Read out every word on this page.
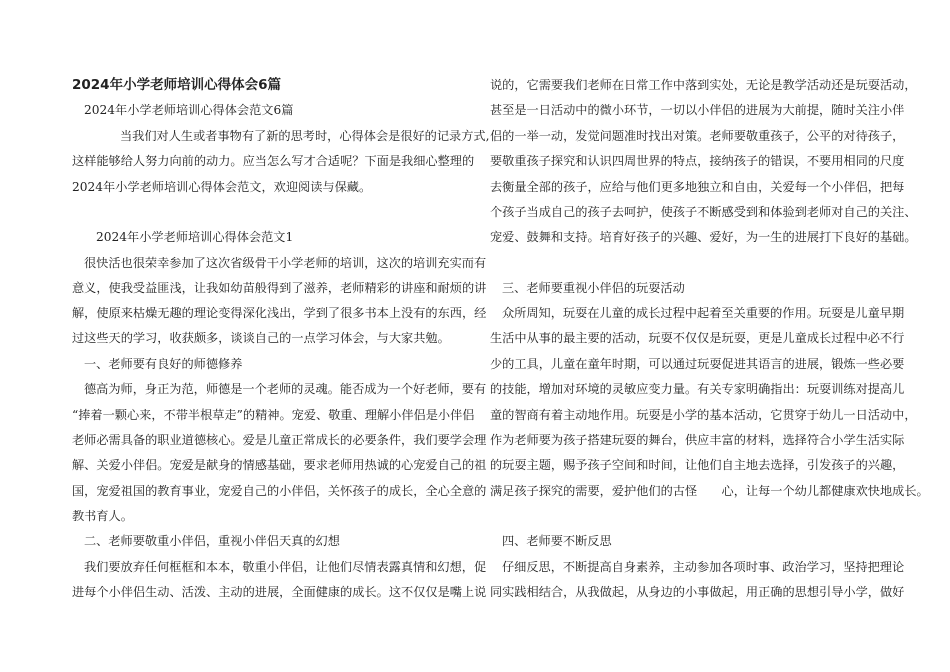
2024年小学老师培训心得体会6篇
2024年小学老师培训心得体会范文6篇
当我们对人生或者事物有了新的思考时，心得体会是很好的记录方式,
这样能够给人努力向前的动力。应当怎么写才合适呢？下面是我细心整理的
2024年小学老师培训心得体会范文，欢迎阅读与保藏。
2024年小学老师培训心得体会范文1
很快活也很荣幸参加了这次省级骨干小学老师的培训，这次的培训充实而有
意义，使我受益匪浅，让我如幼苗般得到了滋养，老师精彩的讲座和耐烦的讲
解，使原来枯燥无趣的理论变得深化浅出，学到了很多书本上没有的东西，经
过这些天的学习，收获颇多，谈谈自己的一点学习体会，与大家共勉。
一、老师要有良好的师德修养
德高为师，身正为范，师德是一个老师的灵魂。能否成为一个好老师，要有
“捧着一颗心来，不带半根草走”的精神。宠爱、敬重、理解小伴侣是小伴侣
老师必需具备的职业道德核心。爱是儿童正常成长的必要条件，我们要学会理
解、关爱小伴侣。宠爱是献身的情感基础，要求老师用热诚的心宠爱自己的祖
国，宠爱祖国的教育事业，宠爱自己的小伴侣，关怀孩子的成长，全心全意的
教书育人。
二、老师要敬重小伴侣，重视小伴侣天真的幻想
我们要放弃任何框框和本本，敬重小伴侣，让他们尽情表露真情和幻想，促
进每个小伴侣生动、活泼、主动的进展，全面健康的成长。这不仅仅是嘴上说
说的，它需要我们老师在日常工作中落到实处，无论是教学活动还是玩耍活动，
甚至是一日活动中的微小环节，一切以小伴侣的进展为大前提，随时关注小伴
侣的一举一动，发觉问题准时找出对策。老师要敬重孩子，公平的对待孩子，
要敬重孩子探究和认识四周世界的特点，接纳孩子的错误，不要用相同的尺度
去衡量全部的孩子，应给与他们更多地独立和自由，关爱每一个小伴侣，把每
个孩子当成自己的孩子去呵护，使孩子不断感受到和体验到老师对自己的关注、
宠爱、鼓舞和支持。培育好孩子的兴趣、爱好，为一生的进展打下良好的基础。
三、老师要重视小伴侣的玩耍活动
众所周知，玩耍在儿童的成长过程中起着至关重要的作用。玩耍是儿童早期
生活中从事的最主要的活动，玩耍不仅仅是玩耍，更是儿童成长过程中必不行
少的工具，儿童在童年时期，可以通过玩耍促进其语言的进展，锻炼一些必要
的技能，增加对环境的灵敏应变力量。有关专家明确指出：玩耍训练对提高儿
童的智商有着主动地作用。玩耍是小学的基本活动，它贯穿于幼儿一日活动中，
作为老师要为孩子搭建玩耍的舞台，供应丰富的材料，选择符合小学生活实际
的玩耍主题，赐予孩子空间和时间，让他们自主地去选择，引发孩子的兴趣，
满足孩子探究的需要，爱护他们的古怪　　心，让每一个幼儿都健康欢快地成长。
四、老师要不断反思
仔细反思，不断提高自身素养，主动参加各项时事、政治学习，坚持把理论
同实践相结合，从我做起，从身边的小事做起，用正确的思想引导小学，做好
